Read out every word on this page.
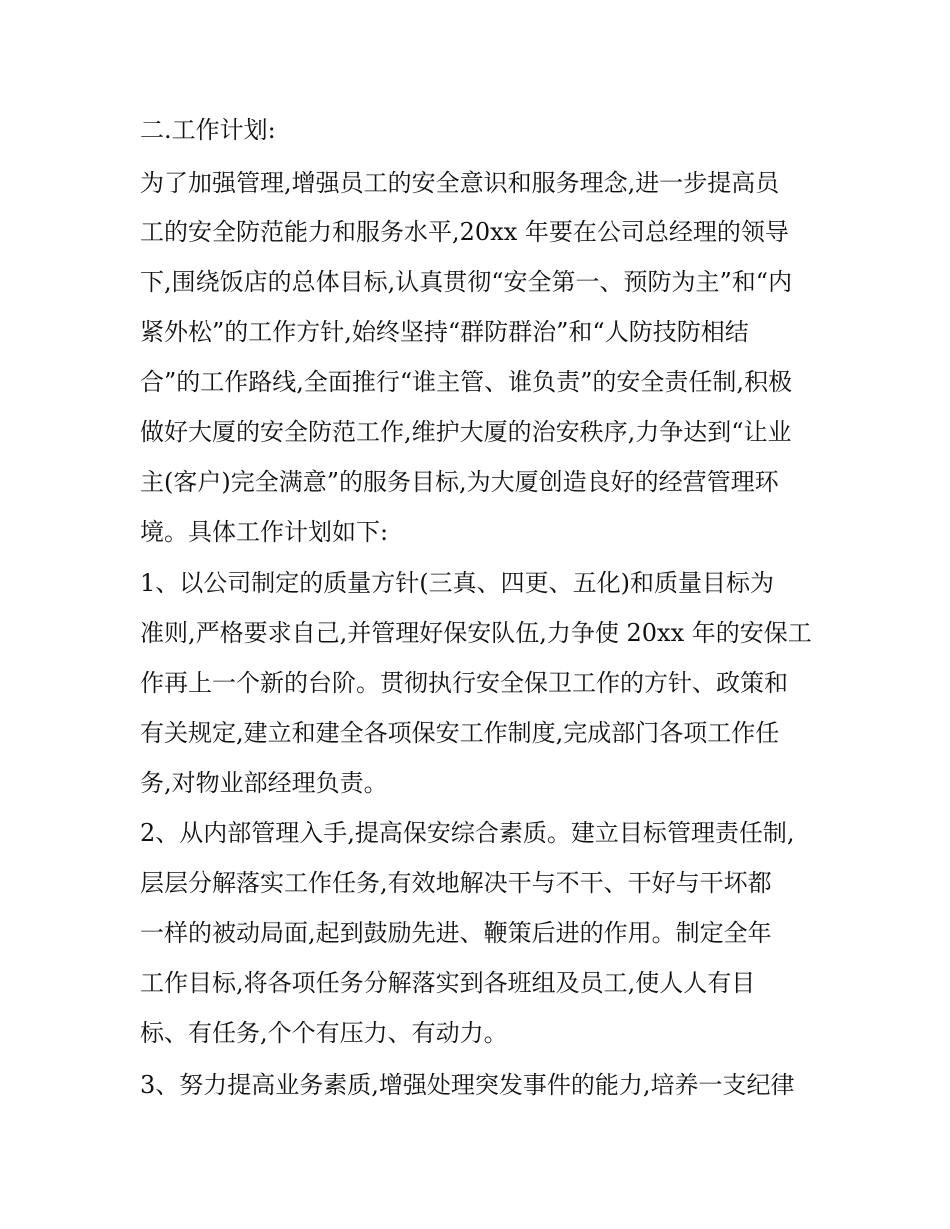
二.工作计划:
为了加强管理,增强员工的安全意识和服务理念,进一步提高员
工的安全防范能力和服务水平,20xx 年要在公司总经理的领导
下,围绕饭店的总体目标,认真贯彻“安全第一、预防为主”和“内
紧外松”的工作方针,始终坚持“群防群治”和“人防技防相结
合”的工作路线,全面推行“谁主管、谁负责”的安全责任制,积极
做好大厦的安全防范工作,维护大厦的治安秩序,力争达到“让业
主(客户)完全满意”的服务目标,为大厦创造良好的经营管理环
境。具体工作计划如下:
1、以公司制定的质量方针(三真、四更、五化)和质量目标为
准则,严格要求自己,并管理好保安队伍,力争使 20xx 年的安保工
作再上一个新的台阶。贯彻执行安全保卫工作的方针、政策和
有关规定,建立和建全各项保安工作制度,完成部门各项工作任
务,对物业部经理负责。
2、从内部管理入手,提高保安综合素质。建立目标管理责任制,
层层分解落实工作任务,有效地解决干与不干、干好与干坏都
一样的被动局面,起到鼓励先进、鞭策后进的作用。制定全年
工作目标,将各项任务分解落实到各班组及员工,使人人有目
标、有任务,个个有压力、有动力。
3、努力提高业务素质,增强处理突发事件的能力,培养一支纪律
